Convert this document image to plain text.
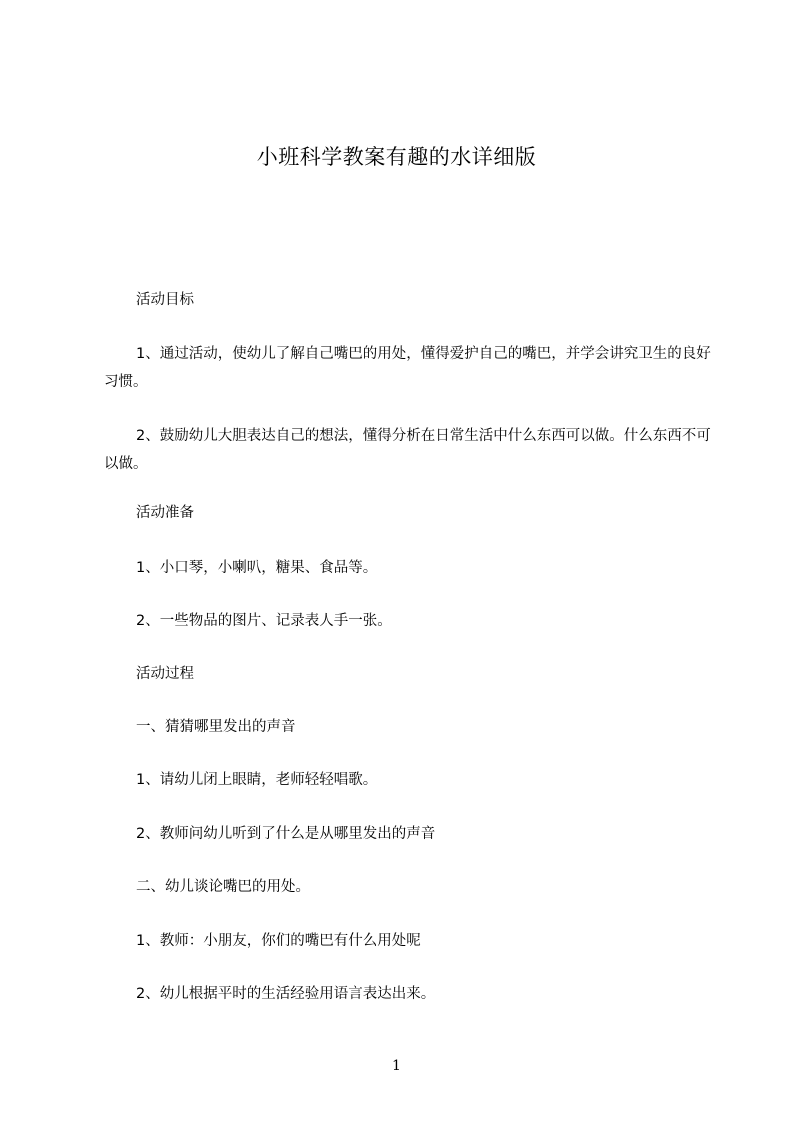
小班科学教案有趣的水详细版
活动目标
1、通过活动，使幼儿了解自己嘴巴的用处，懂得爱护自己的嘴巴，并学会讲究卫生的良好习惯。
2、鼓励幼儿大胆表达自己的想法，懂得分析在日常生活中什么东西可以做。什么东西不可以做。
活动准备
1、小口琴，小喇叭，糖果、食品等。
2、一些物品的图片、记录表人手一张。
活动过程
一、猜猜哪里发出的声音
1、请幼儿闭上眼睛，老师轻轻唱歌。
2、教师问幼儿听到了什么是从哪里发出的声音
二、幼儿谈论嘴巴的用处。
1、教师：小朋友，你们的嘴巴有什么用处呢
2、幼儿根据平时的生活经验用语言表达出来。
1
